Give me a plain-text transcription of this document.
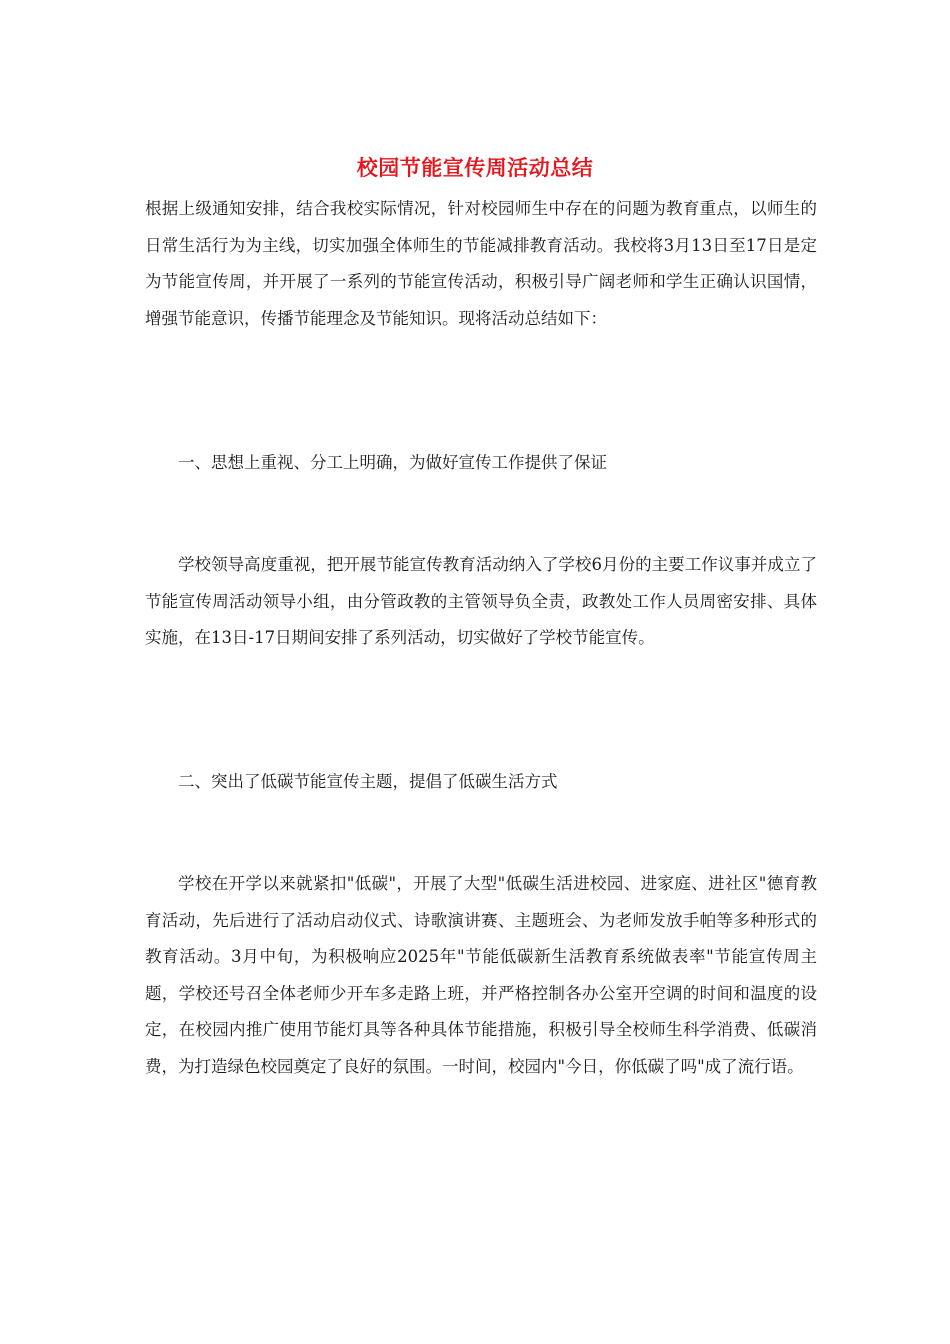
校园节能宣传周活动总结

根据上级通知安排，结合我校实际情况，针对校园师生中存在的问题为教育重点，以师生的日常生活行为为主线，切实加强全体师生的节能减排教育活动。我校将3月13日至17日是定为节能宣传周，并开展了一系列的节能宣传活动，积极引导广阔老师和学生正确认识国情，增强节能意识，传播节能理念及节能知识。现将活动总结如下：

一、思想上重视、分工上明确，为做好宣传工作提供了保证

学校领导高度重视，把开展节能宣传教育活动纳入了学校6月份的主要工作议事并成立了节能宣传周活动领导小组，由分管政教的主管领导负全责，政教处工作人员周密安排、具体实施，在13日-17日期间安排了系列活动，切实做好了学校节能宣传。

二、突出了低碳节能宣传主题，提倡了低碳生活方式

学校在开学以来就紧扣"低碳"，开展了大型"低碳生活进校园、进家庭、进社区"德育教育活动，先后进行了活动启动仪式、诗歌演讲赛、主题班会、为老师发放手帕等多种形式的教育活动。3月中旬，为积极响应2025年"节能低碳新生活教育系统做表率"节能宣传周主题，学校还号召全体老师少开车多走路上班，并严格控制各办公室开空调的时间和温度的设定，在校园内推广使用节能灯具等各种具体节能措施，积极引导全校师生科学消费、低碳消费，为打造绿色校园奠定了良好的氛围。一时间，校园内"今日，你低碳了吗"成了流行语。
